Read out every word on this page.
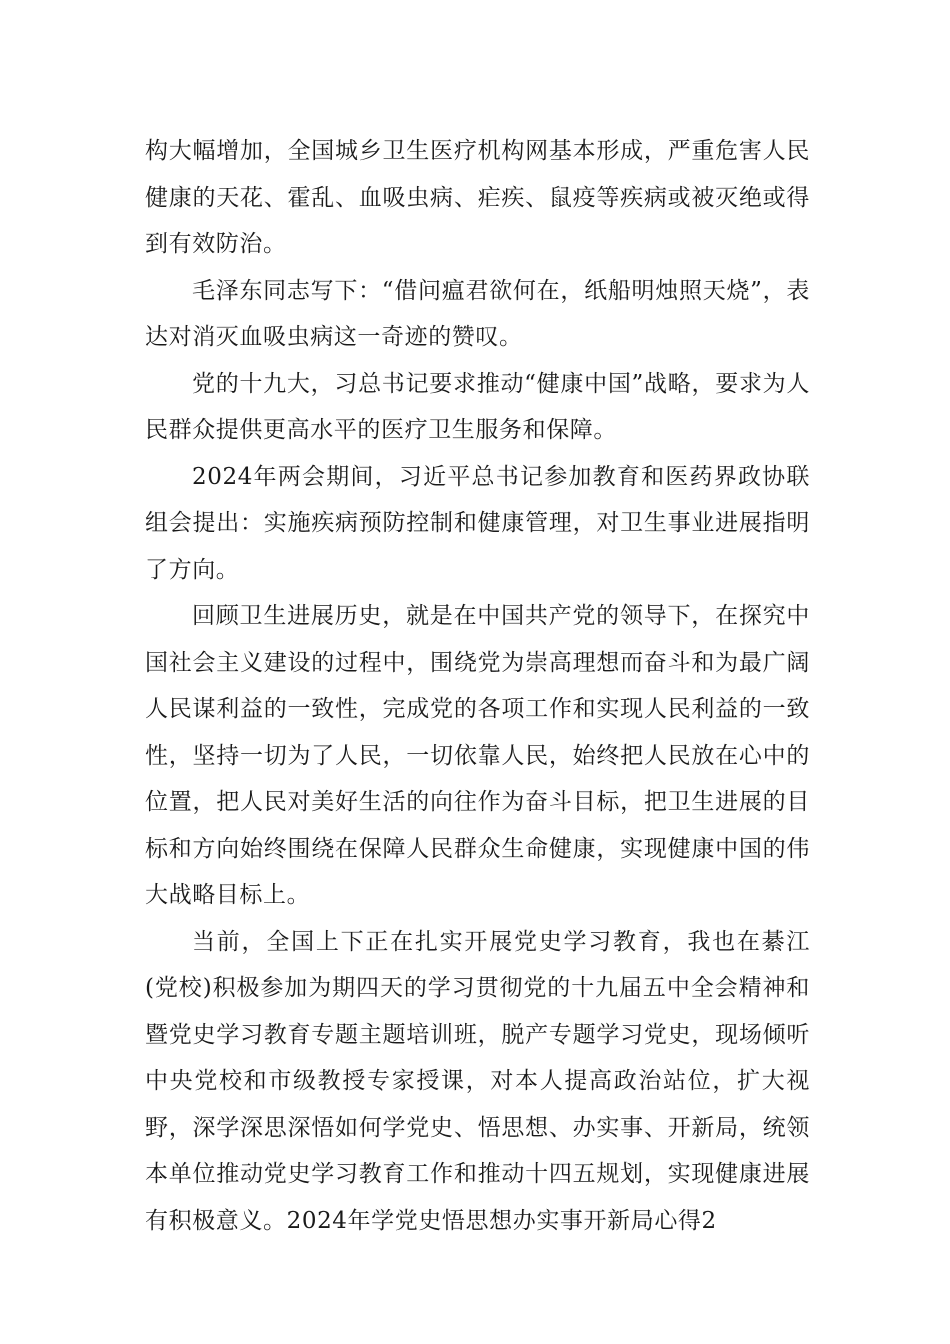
构大幅增加，全国城乡卫生医疗机构网基本形成，严重危害人民健康的天花、霍乱、血吸虫病、疟疾、鼠疫等疾病或被灭绝或得到有效防治。

毛泽东同志写下：“借问瘟君欲何在，纸船明烛照天烧”，表达对消灭血吸虫病这一奇迹的赞叹。

党的十九大，习总书记要求推动“健康中国”战略，要求为人民群众提供更高水平的医疗卫生服务和保障。

2024年两会期间，习近平总书记参加教育和医药界政协联组会提出：实施疾病预防控制和健康管理，对卫生事业进展指明了方向。

回顾卫生进展历史，就是在中国共产党的领导下，在探究中国社会主义建设的过程中，围绕党为崇高理想而奋斗和为最广阔人民谋利益的一致性，完成党的各项工作和实现人民利益的一致性，坚持一切为了人民，一切依靠人民，始终把人民放在心中的位置，把人民对美好生活的向往作为奋斗目标，把卫生进展的目标和方向始终围绕在保障人民群众生命健康，实现健康中国的伟大战略目标上。

当前，全国上下正在扎实开展党史学习教育，我也在綦江(党校)积极参加为期四天的学习贯彻党的十九届五中全会精神和暨党史学习教育专题主题培训班，脱产专题学习党史，现场倾听中央党校和市级教授专家授课，对本人提高政治站位，扩大视野，深学深思深悟如何学党史、悟思想、办实事、开新局，统领本单位推动党史学习教育工作和推动十四五规划，实现健康进展有积极意义。2024年学党史悟思想办实事开新局心得2
